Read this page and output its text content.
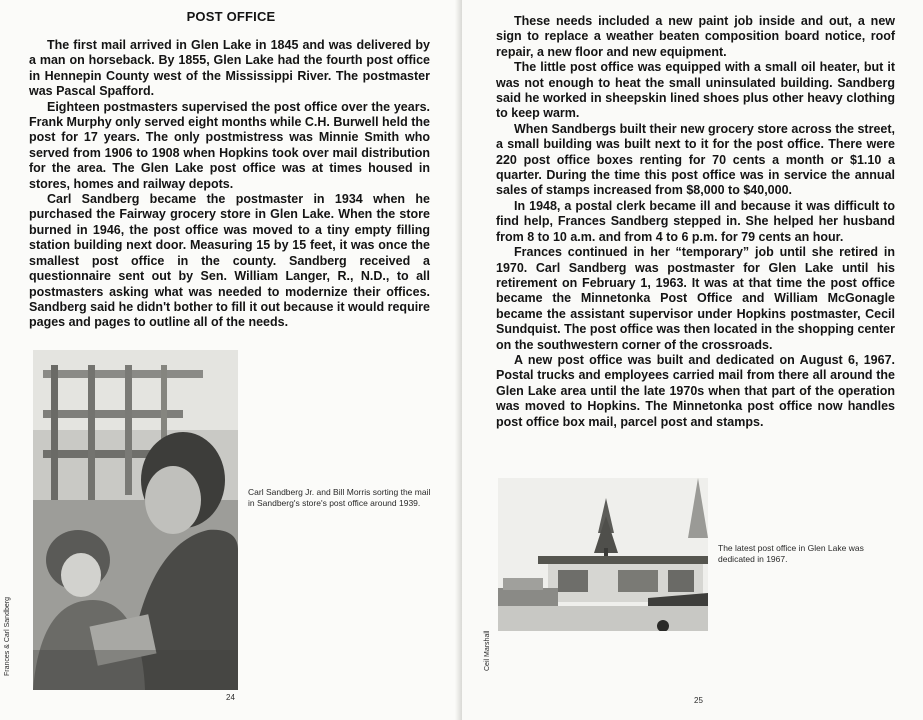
POST OFFICE

The first mail arrived in Glen Lake in 1845 and was delivered by a man on horseback. By 1855, Glen Lake had the fourth post office in Hennepin County west of the Mississippi River. The postmaster was Pascal Spafford.

Eighteen postmasters supervised the post office over the years. Frank Murphy only served eight months while C.H. Burwell held the post for 17 years. The only postmistress was Minnie Smith who served from 1906 to 1908 when Hopkins took over mail distribution for the area. The Glen Lake post office was at times housed in stores, homes and railway depots.

Carl Sandberg became the postmaster in 1934 when he purchased the Fairway grocery store in Glen Lake. When the store burned in 1946, the post office was moved to a tiny empty filling station building next door. Measuring 15 by 15 feet, it was once the smallest post office in the county. Sandberg received a questionnaire sent out by Sen. William Langer, R., N.D., to all postmasters asking what was needed to modernize their offices. Sandberg said he didn't bother to fill it out because it would require pages and pages to outline all of the needs.

Carl Sandberg Jr. and Bill Morris sorting the mail in Sandberg's store's post office around 1939.
Frances & Carl Sandberg
24

These needs included a new paint job inside and out, a new sign to replace a weather beaten composition board notice, roof repair, a new floor and new equipment.

The little post office was equipped with a small oil heater, but it was not enough to heat the small uninsulated building. Sandberg said he worked in sheepskin lined shoes plus other heavy clothing to keep warm.

When Sandbergs built their new grocery store across the street, a small building was built next to it for the post office. There were 220 post office boxes renting for 70 cents a month or $1.10 a quarter. During the time this post office was in service the annual sales of stamps increased from $8,000 to $40,000.

In 1948, a postal clerk became ill and because it was difficult to find help, Frances Sandberg stepped in. She helped her husband from 8 to 10 a.m. and from 4 to 6 p.m. for 79 cents an hour.

Frances continued in her “temporary” job until she retired in 1970. Carl Sandberg was postmaster for Glen Lake until his retirement on February 1, 1963. It was at that time the post office became the Minnetonka Post Office and William McGonagle became the assistant supervisor under Hopkins postmaster, Cecil Sundquist. The post office was then located in the shopping center on the southwestern corner of the crossroads.

A new post office was built and dedicated on August 6, 1967. Postal trucks and employees carried mail from there all around the Glen Lake area until the late 1970s when that part of the operation was moved to Hopkins. The Minnetonka post office now handles post office box mail, parcel post and stamps.

The latest post office in Glen Lake was dedicated in 1967.
Ceil Marshall
25
